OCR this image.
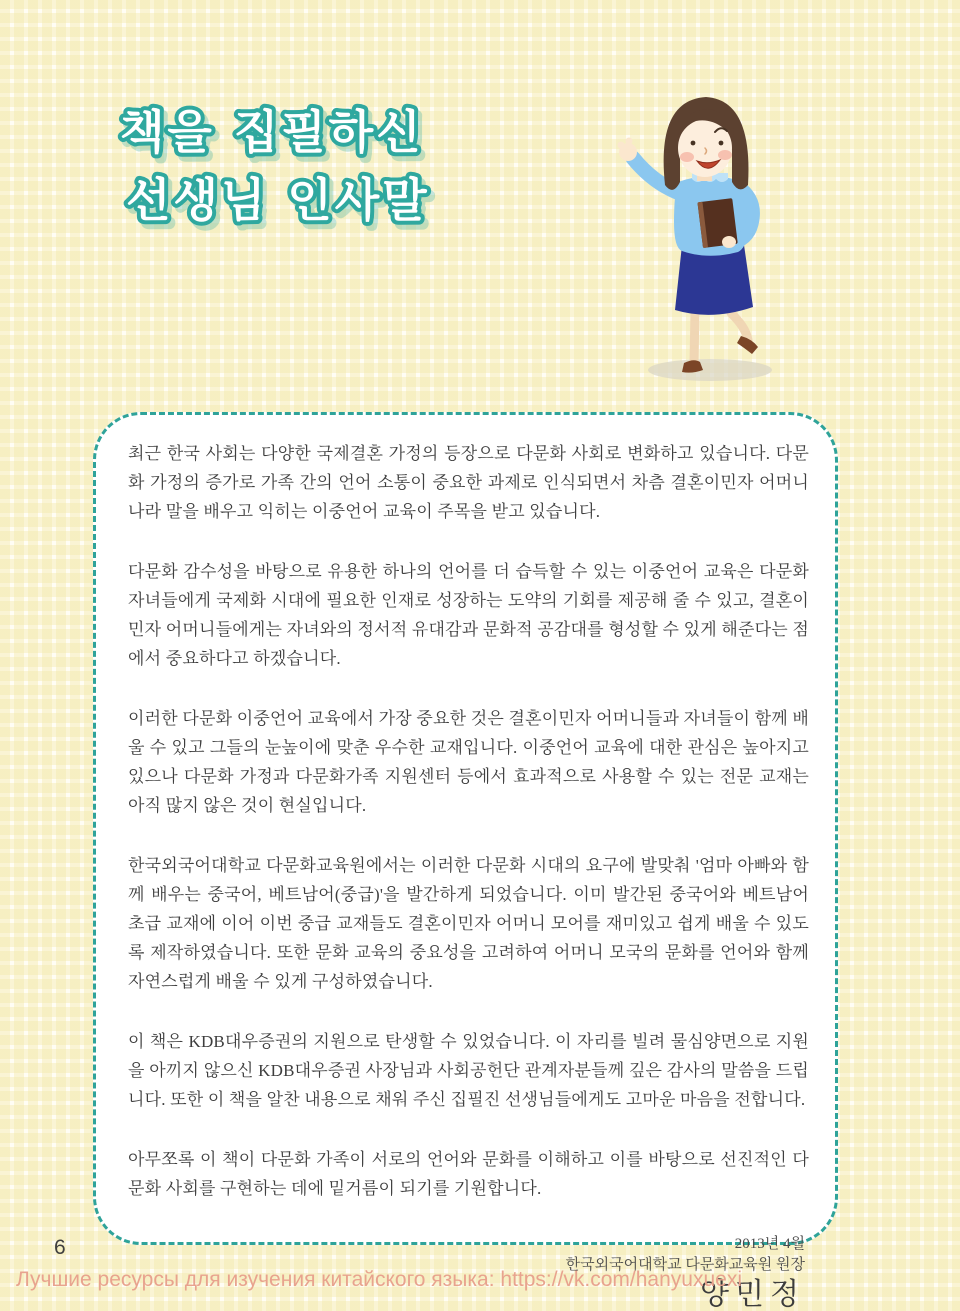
책을 집필하신
선생님 인사말

최근 한국 사회는 다양한 국제결혼 가정의 등장으로 다문화 사회로 변화하고 있습니다. 다문화 가정의 증가로 가족 간의 언어 소통이 중요한 과제로 인식되면서 차츰 결혼이민자 어머니 나라 말을 배우고 익히는 이중언어 교육이 주목을 받고 있습니다.

다문화 감수성을 바탕으로 유용한 하나의 언어를 더 습득할 수 있는 이중언어 교육은 다문화 자녀들에게 국제화 시대에 필요한 인재로 성장하는 도약의 기회를 제공해 줄 수 있고, 결혼이민자 어머니들에게는 자녀와의 정서적 유대감과 문화적 공감대를 형성할 수 있게 해준다는 점에서 중요하다고 하겠습니다.

이러한 다문화 이중언어 교육에서 가장 중요한 것은 결혼이민자 어머니들과 자녀들이 함께 배울 수 있고 그들의 눈높이에 맞춘 우수한 교재입니다. 이중언어 교육에 대한 관심은 높아지고 있으나 다문화 가정과 다문화가족 지원센터 등에서 효과적으로 사용할 수 있는 전문 교재는 아직 많지 않은 것이 현실입니다.

한국외국어대학교 다문화교육원에서는 이러한 다문화 시대의 요구에 발맞춰 '엄마 아빠와 함께 배우는 중국어, 베트남어(중급)'을 발간하게 되었습니다. 이미 발간된 중국어와 베트남어 초급 교재에 이어 이번 중급 교재들도 결혼이민자 어머니 모어를 재미있고 쉽게 배울 수 있도록 제작하였습니다. 또한 문화 교육의 중요성을 고려하여 어머니 모국의 문화를 언어와 함께 자연스럽게 배울 수 있게 구성하였습니다.

이 책은 KDB대우증권의 지원으로 탄생할 수 있었습니다. 이 자리를 빌려 물심양면으로 지원을 아끼지 않으신 KDB대우증권 사장님과 사회공헌단 관계자분들께 깊은 감사의 말씀을 드립니다. 또한 이 책을 알찬 내용으로 채워 주신 집필진 선생님들에게도 고마운 마음을 전합니다.

아무쪼록 이 책이 다문화 가족이 서로의 언어와 문화를 이해하고 이를 바탕으로 선진적인 다문화 사회를 구현하는 데에 밑거름이 되기를 기원합니다.

2013년 4월
한국외국어대학교 다문화교육원 원장
양민정
6
Лучшие ресурсы для изучения китайского языка: https://vk.com/hanyuxuexi
